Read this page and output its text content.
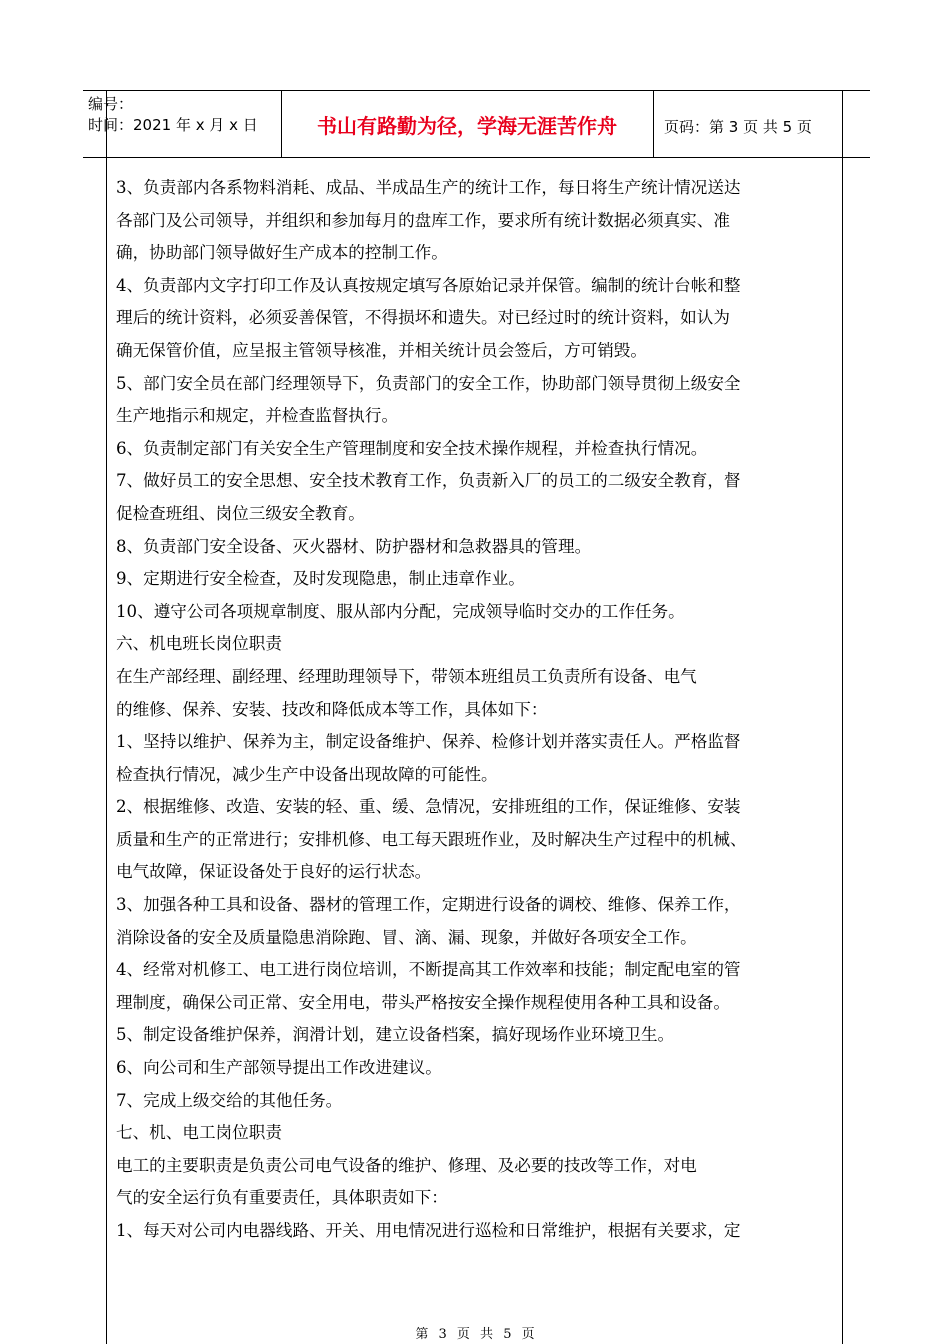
编号：
时间：2021 年 x 月 x 日	书山有路勤为径，学海无涯苦作舟	页码：第 3 页 共 5 页

3、负责部内各系物料消耗、成品、半成品生产的统计工作，每日将生产统计情况送达

各部门及公司领导，并组织和参加每月的盘库工作，要求所有统计数据必须真实、准

确，协助部门领导做好生产成本的控制工作。

4、负责部内文字打印工作及认真按规定填写各原始记录并保管。编制的统计台帐和整

理后的统计资料，必须妥善保管，不得损坏和遗失。对已经过时的统计资料，如认为

确无保管价值，应呈报主管领导核准，并相关统计员会签后，方可销毁。

5、部门安全员在部门经理领导下，负责部门的安全工作，协助部门领导贯彻上级安全

生产地指示和规定，并检查监督执行。

6、负责制定部门有关安全生产管理制度和安全技术操作规程，并检查执行情况。

7、做好员工的安全思想、安全技术教育工作，负责新入厂的员工的二级安全教育，督

促检查班组、岗位三级安全教育。

8、负责部门安全设备、灭火器材、防护器材和急救器具的管理。

9、定期进行安全检查，及时发现隐患，制止违章作业。

10、遵守公司各项规章制度、服从部内分配，完成领导临时交办的工作任务。

六、机电班长岗位职责

在生产部经理、副经理、经理助理领导下，带领本班组员工负责所有设备、电气

的维修、保养、安装、技改和降低成本等工作，具体如下：

1、坚持以维护、保养为主，制定设备维护、保养、检修计划并落实责任人。严格监督

检查执行情况，减少生产中设备出现故障的可能性。

2、根据维修、改造、安装的轻、重、缓、急情况，安排班组的工作，保证维修、安装

质量和生产的正常进行；安排机修、电工每天跟班作业，及时解决生产过程中的机械、

电气故障，保证设备处于良好的运行状态。

3、加强各种工具和设备、器材的管理工作，定期进行设备的调校、维修、保养工作，

消除设备的安全及质量隐患消除跑、冒、滴、漏、现象，并做好各项安全工作。

4、经常对机修工、电工进行岗位培训，不断提高其工作效率和技能；制定配电室的管

理制度，确保公司正常、安全用电，带头严格按安全操作规程使用各种工具和设备。

5、制定设备维护保养，润滑计划，建立设备档案，搞好现场作业环境卫生。

6、向公司和生产部领导提出工作改进建议。

7、完成上级交给的其他任务。

七、机、电工岗位职责

电工的主要职责是负责公司电气设备的维护、修理、及必要的技改等工作，对电

气的安全运行负有重要责任，具体职责如下：

1、每天对公司内电器线路、开关、用电情况进行巡检和日常维护，根据有关要求，定

第 3 页 共 5 页
